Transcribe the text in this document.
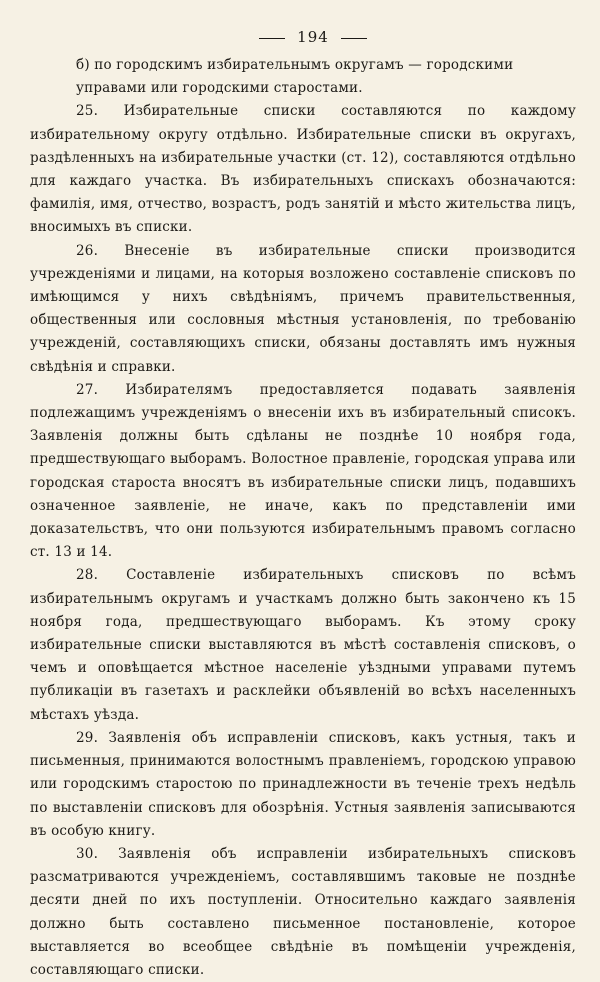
194

б) по городскимъ избирательнымъ округамъ — городскими
управами или городскими старостами.

25. Избирательные списки составляются по каждому избирательному округу отдѣльно. Избирательные списки въ округахъ, раздѣленныхъ на избирательные участки (ст. 12), составляются отдѣльно для каждаго участка. Въ избирательныхъ спискахъ обозначаются: фамилія, имя, отчество, возрастъ, родъ занятій и мѣсто жительства лицъ, вносимыхъ въ списки.

26. Внесеніе въ избирательные списки производится учрежденіями и лицами, на которыя возложено составленіе списковъ по имѣющимся у нихъ свѣдѣніямъ, причемъ правительственныя, общественныя или сословныя мѣстныя установленія, по требованію учрежденій, составляющихъ списки, обязаны доставлять имъ нужныя свѣдѣнія и справки.

27. Избирателямъ предоставляется подавать заявленія подлежащимъ учрежденіямъ о внесеніи ихъ въ избирательный списокъ. Заявленія должны быть сдѣланы не позднѣе 10 ноября года, предшествующаго выборамъ. Волостное правленіе, городская управа или городская староста вносятъ въ избирательные списки лицъ, подавшихъ означенное заявленіе, не иначе, какъ по представленіи ими доказательствъ, что они пользуются избирательнымъ правомъ согласно ст. 13 и 14.

28. Составленіе избирательныхъ списковъ по всѣмъ избирательнымъ округамъ и участкамъ должно быть закончено къ 15 ноября года, предшествующаго выборамъ. Къ этому сроку избирательные списки выставляются въ мѣстѣ составленія списковъ, о чемъ и оповѣщается мѣстное населеніе уѣздными управами путемъ публикаціи въ газетахъ и расклейки объявленій во всѣхъ населенныхъ мѣстахъ уѣзда.

29. Заявленія объ исправленіи списковъ, какъ устныя, такъ и письменныя, принимаются волостнымъ правленіемъ, городскою управою или городскимъ старостою по принадлежности въ теченіе трехъ недѣль по выставленіи списковъ для обозрѣнія. Устныя заявленія записываются въ особую книгу.

30. Заявленія объ исправленіи избирательныхъ списковъ разсматриваются учрежденіемъ, составлявшимъ таковые не позднѣе десяти дней по ихъ поступленіи. Относительно каждаго заявленія должно быть составлено письменное постановленіе, которое выставляется во всеобщее свѣдѣніе въ помѣщеніи учрежденія, составляющаго списки.
